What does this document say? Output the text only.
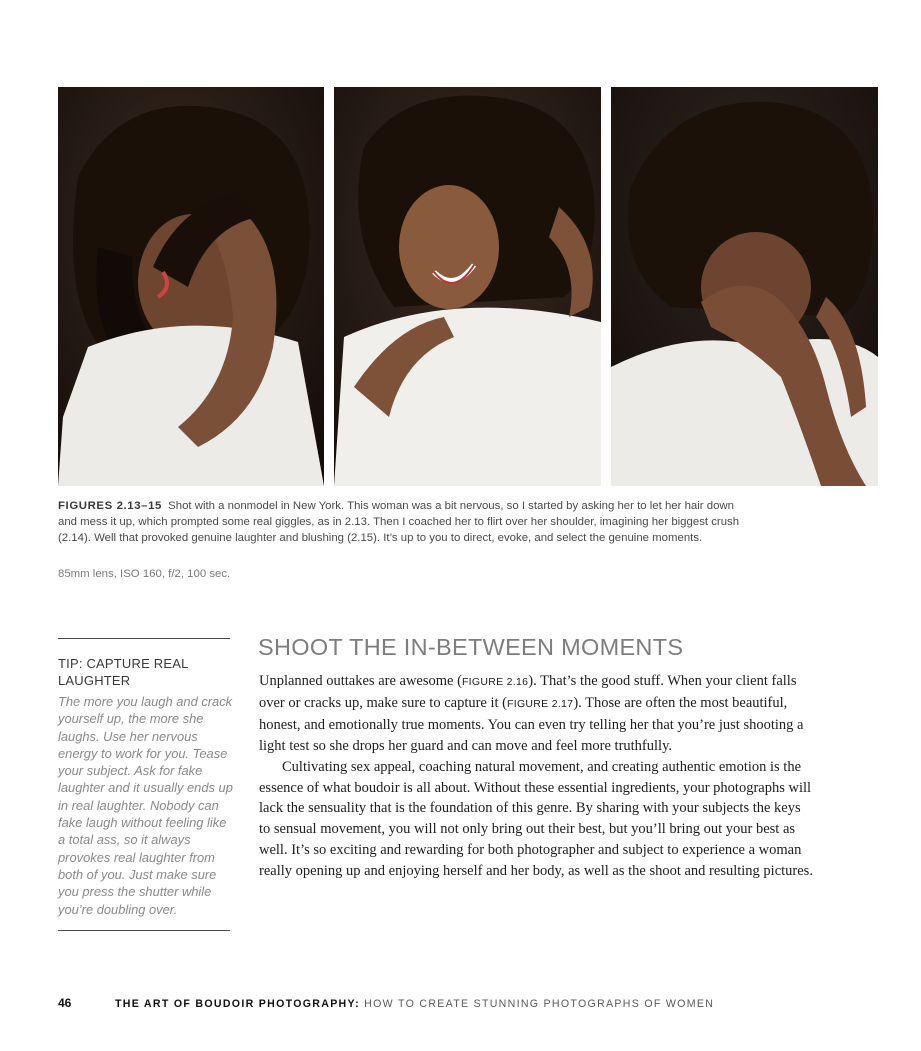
FIGURES 2.13–15 Shot with a nonmodel in New York. This woman was a bit nervous, so I started by asking her to let her hair down and mess it up, which prompted some real giggles, as in 2.13. Then I coached her to flirt over her shoulder, imagining her biggest crush (2.14). Well that provoked genuine laughter and blushing (2.15). It’s up to you to direct, evoke, and select the genuine moments.
85mm lens, ISO 160, f/2, 100 sec.
TIP: CAPTURE REAL LAUGHTER
The more you laugh and crack yourself up, the more she laughs. Use her nervous energy to work for you. Tease your subject. Ask for fake laughter and it usually ends up in real laughter. Nobody can fake laugh without feeling like a total ass, so it always provokes real laughter from both of you. Just make sure you press the shutter while you’re doubling over.
SHOOT THE IN-BETWEEN MOMENTS

Unplanned outtakes are awesome (FIGURE 2.16). That’s the good stuff. When your client falls over or cracks up, make sure to capture it (FIGURE 2.17). Those are often the most beautiful, honest, and emotionally true moments. You can even try telling her that you’re just shooting a light test so she drops her guard and can move and feel more truthfully.

Cultivating sex appeal, coaching natural movement, and creating authentic emotion is the essence of what boudoir is all about. Without these essential ingredients, your photographs will lack the sensuality that is the foundation of this genre. By sharing with your subjects the keys to sensual movement, you will not only bring out their best, but you’ll bring out your best as well. It’s so exciting and rewarding for both photographer and subject to experience a woman really opening up and enjoying herself and her body, as well as the shoot and resulting pictures.

46	THE ART OF BOUDOIR PHOTOGRAPHY: HOW TO CREATE STUNNING PHOTOGRAPHS OF WOMEN
